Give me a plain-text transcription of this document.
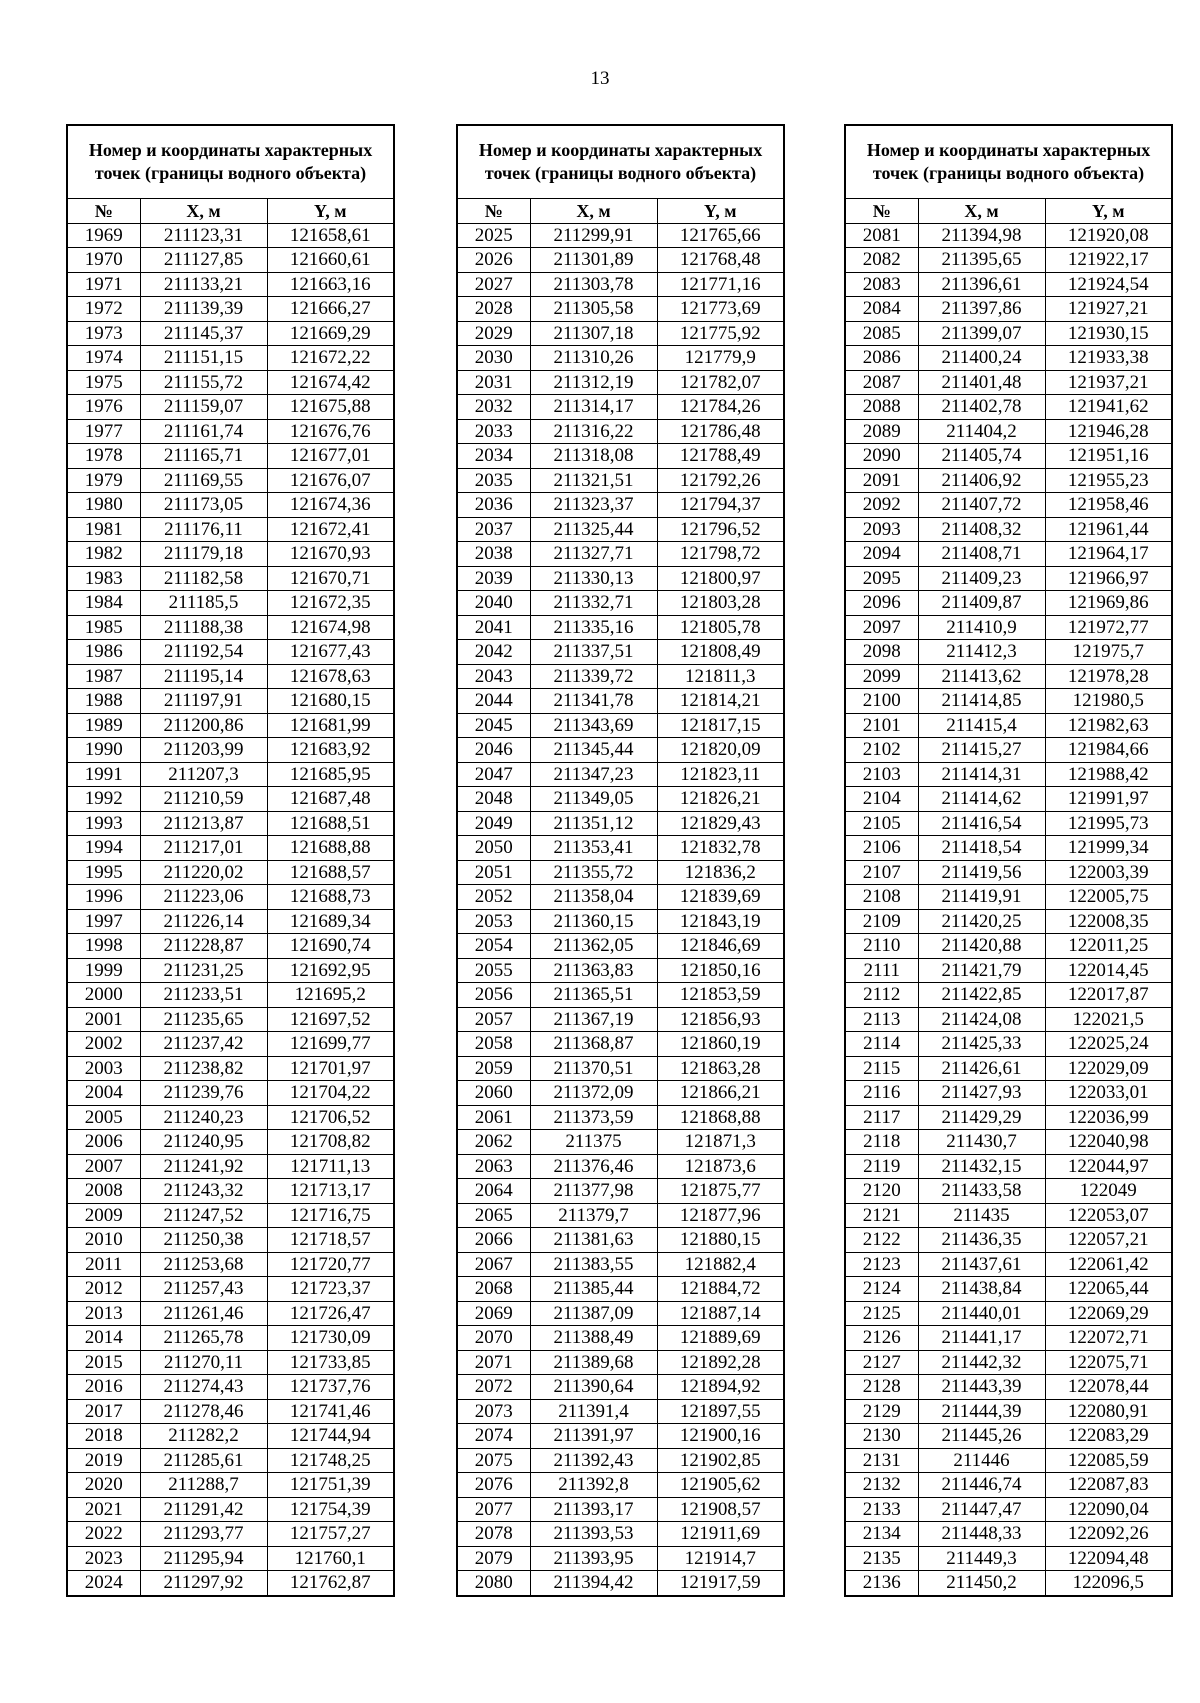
13
Номер и координаты характерных точек (границы водного объекта)		
№	X, м	Y, м
1969	211123,31	121658,61
1970	211127,85	121660,61
1971	211133,21	121663,16
1972	211139,39	121666,27
1973	211145,37	121669,29
1974	211151,15	121672,22
1975	211155,72	121674,42
1976	211159,07	121675,88
1977	211161,74	121676,76
1978	211165,71	121677,01
1979	211169,55	121676,07
1980	211173,05	121674,36
1981	211176,11	121672,41
1982	211179,18	121670,93
1983	211182,58	121670,71
1984	211185,5	121672,35
1985	211188,38	121674,98
1986	211192,54	121677,43
1987	211195,14	121678,63
1988	211197,91	121680,15
1989	211200,86	121681,99
1990	211203,99	121683,92
1991	211207,3	121685,95
1992	211210,59	121687,48
1993	211213,87	121688,51
1994	211217,01	121688,88
1995	211220,02	121688,57
1996	211223,06	121688,73
1997	211226,14	121689,34
1998	211228,87	121690,74
1999	211231,25	121692,95
2000	211233,51	121695,2
2001	211235,65	121697,52
2002	211237,42	121699,77
2003	211238,82	121701,97
2004	211239,76	121704,22
2005	211240,23	121706,52
2006	211240,95	121708,82
2007	211241,92	121711,13
2008	211243,32	121713,17
2009	211247,52	121716,75
2010	211250,38	121718,57
2011	211253,68	121720,77
2012	211257,43	121723,37
2013	211261,46	121726,47
2014	211265,78	121730,09
2015	211270,11	121733,85
2016	211274,43	121737,76
2017	211278,46	121741,46
2018	211282,2	121744,94
2019	211285,61	121748,25
2020	211288,7	121751,39
2021	211291,42	121754,39
2022	211293,77	121757,27
2023	211295,94	121760,1
2024	211297,92	121762,87
Номер и координаты характерных точек (границы водного объекта)		
№	X, м	Y, м
2025	211299,91	121765,66
2026	211301,89	121768,48
2027	211303,78	121771,16
2028	211305,58	121773,69
2029	211307,18	121775,92
2030	211310,26	121779,9
2031	211312,19	121782,07
2032	211314,17	121784,26
2033	211316,22	121786,48
2034	211318,08	121788,49
2035	211321,51	121792,26
2036	211323,37	121794,37
2037	211325,44	121796,52
2038	211327,71	121798,72
2039	211330,13	121800,97
2040	211332,71	121803,28
2041	211335,16	121805,78
2042	211337,51	121808,49
2043	211339,72	121811,3
2044	211341,78	121814,21
2045	211343,69	121817,15
2046	211345,44	121820,09
2047	211347,23	121823,11
2048	211349,05	121826,21
2049	211351,12	121829,43
2050	211353,41	121832,78
2051	211355,72	121836,2
2052	211358,04	121839,69
2053	211360,15	121843,19
2054	211362,05	121846,69
2055	211363,83	121850,16
2056	211365,51	121853,59
2057	211367,19	121856,93
2058	211368,87	121860,19
2059	211370,51	121863,28
2060	211372,09	121866,21
2061	211373,59	121868,88
2062	211375	121871,3
2063	211376,46	121873,6
2064	211377,98	121875,77
2065	211379,7	121877,96
2066	211381,63	121880,15
2067	211383,55	121882,4
2068	211385,44	121884,72
2069	211387,09	121887,14
2070	211388,49	121889,69
2071	211389,68	121892,28
2072	211390,64	121894,92
2073	211391,4	121897,55
2074	211391,97	121900,16
2075	211392,43	121902,85
2076	211392,8	121905,62
2077	211393,17	121908,57
2078	211393,53	121911,69
2079	211393,95	121914,7
2080	211394,42	121917,59
Номер и координаты характерных точек (границы водного объекта)		
№	X, м	Y, м
2081	211394,98	121920,08
2082	211395,65	121922,17
2083	211396,61	121924,54
2084	211397,86	121927,21
2085	211399,07	121930,15
2086	211400,24	121933,38
2087	211401,48	121937,21
2088	211402,78	121941,62
2089	211404,2	121946,28
2090	211405,74	121951,16
2091	211406,92	121955,23
2092	211407,72	121958,46
2093	211408,32	121961,44
2094	211408,71	121964,17
2095	211409,23	121966,97
2096	211409,87	121969,86
2097	211410,9	121972,77
2098	211412,3	121975,7
2099	211413,62	121978,28
2100	211414,85	121980,5
2101	211415,4	121982,63
2102	211415,27	121984,66
2103	211414,31	121988,42
2104	211414,62	121991,97
2105	211416,54	121995,73
2106	211418,54	121999,34
2107	211419,56	122003,39
2108	211419,91	122005,75
2109	211420,25	122008,35
2110	211420,88	122011,25
2111	211421,79	122014,45
2112	211422,85	122017,87
2113	211424,08	122021,5
2114	211425,33	122025,24
2115	211426,61	122029,09
2116	211427,93	122033,01
2117	211429,29	122036,99
2118	211430,7	122040,98
2119	211432,15	122044,97
2120	211433,58	122049
2121	211435	122053,07
2122	211436,35	122057,21
2123	211437,61	122061,42
2124	211438,84	122065,44
2125	211440,01	122069,29
2126	211441,17	122072,71
2127	211442,32	122075,71
2128	211443,39	122078,44
2129	211444,39	122080,91
2130	211445,26	122083,29
2131	211446	122085,59
2132	211446,74	122087,83
2133	211447,47	122090,04
2134	211448,33	122092,26
2135	211449,3	122094,48
2136	211450,2	122096,5
